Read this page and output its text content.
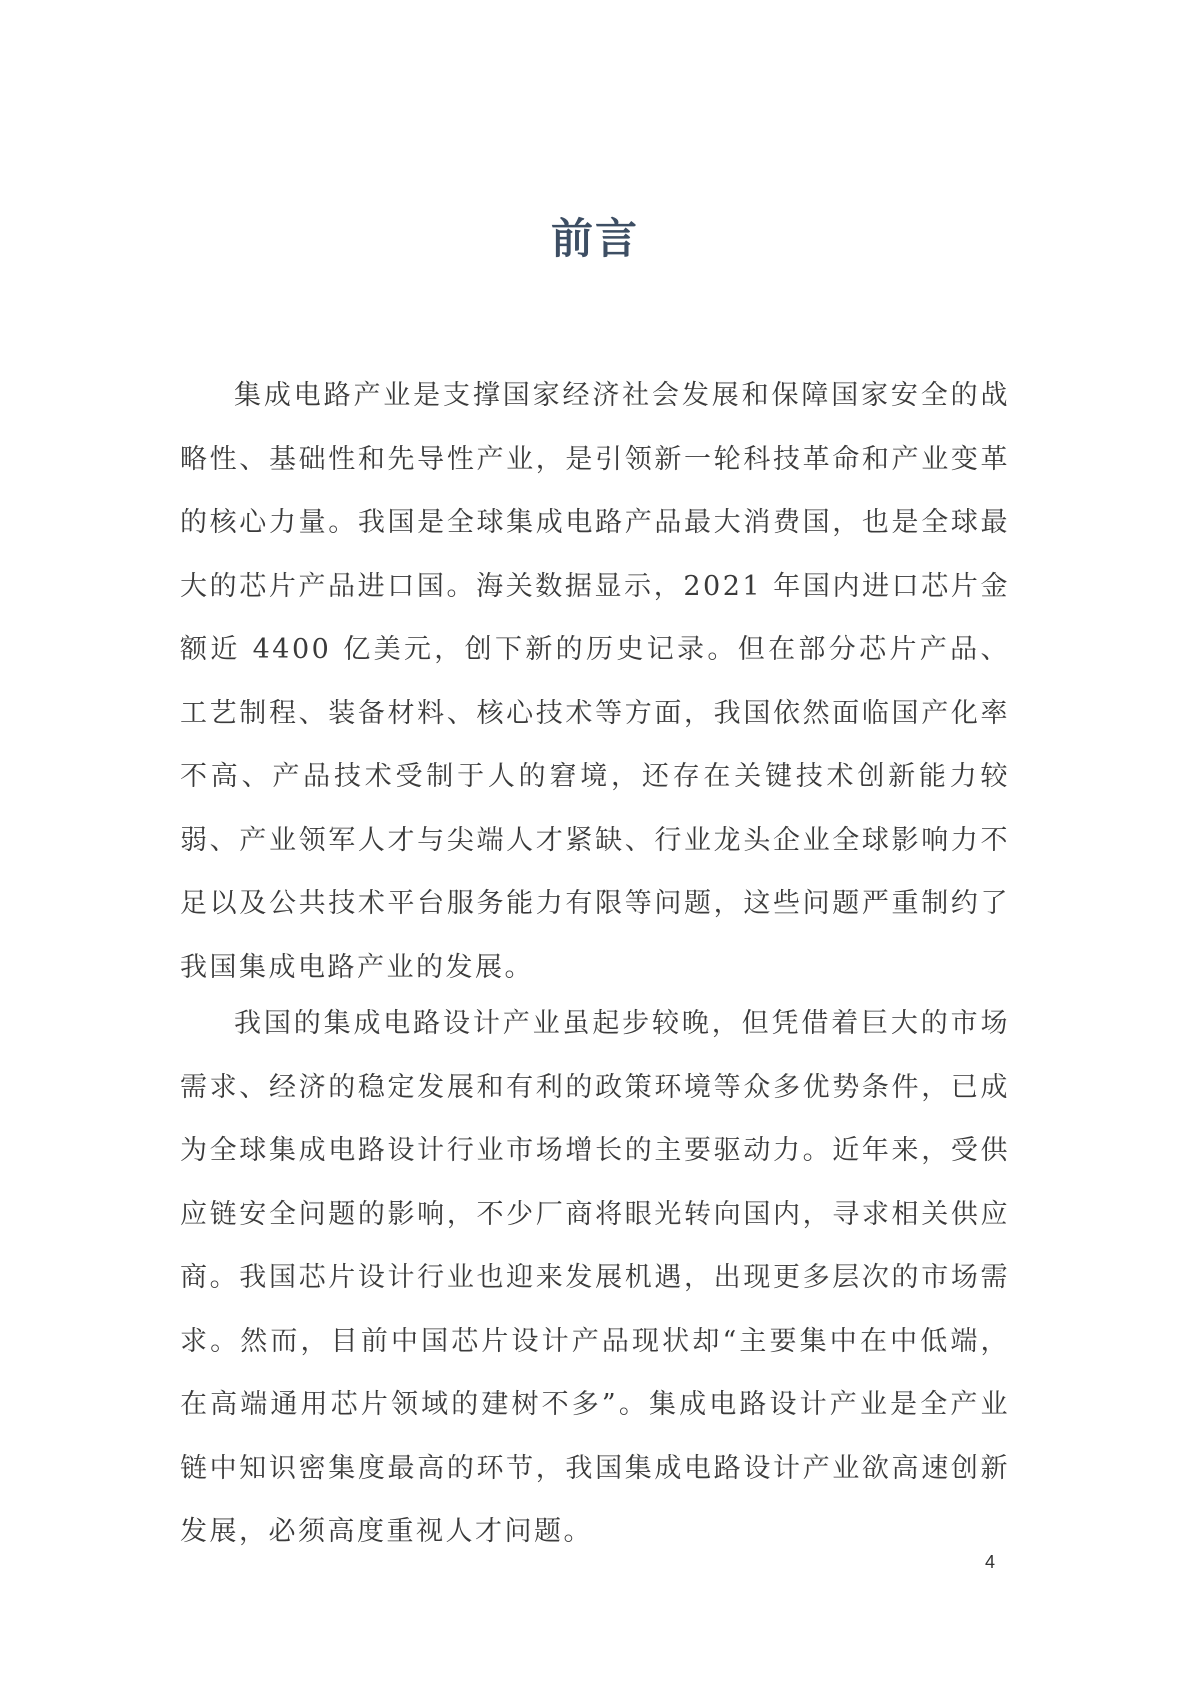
前言

集成电路产业是支撑国家经济社会发展和保障国家安全的战略性、基础性和先导性产业，是引领新一轮科技革命和产业变革的核心力量。我国是全球集成电路产品最大消费国，也是全球最大的芯片产品进口国。海关数据显示，2021 年国内进口芯片金额近 4400 亿美元，创下新的历史记录。但在部分芯片产品、工艺制程、装备材料、核心技术等方面，我国依然面临国产化率不高、产品技术受制于人的窘境，还存在关键技术创新能力较弱、产业领军人才与尖端人才紧缺、行业龙头企业全球影响力不足以及公共技术平台服务能力有限等问题，这些问题严重制约了我国集成电路产业的发展。

我国的集成电路设计产业虽起步较晚，但凭借着巨大的市场需求、经济的稳定发展和有利的政策环境等众多优势条件，已成为全球集成电路设计行业市场增长的主要驱动力。近年来，受供应链安全问题的影响，不少厂商将眼光转向国内，寻求相关供应商。我国芯片设计行业也迎来发展机遇，出现更多层次的市场需求。然而，目前中国芯片设计产品现状却“主要集中在中低端，在高端通用芯片领域的建树不多”。集成电路设计产业是全产业链中知识密集度最高的环节，我国集成电路设计产业欲高速创新发展，必须高度重视人才问题。

4
